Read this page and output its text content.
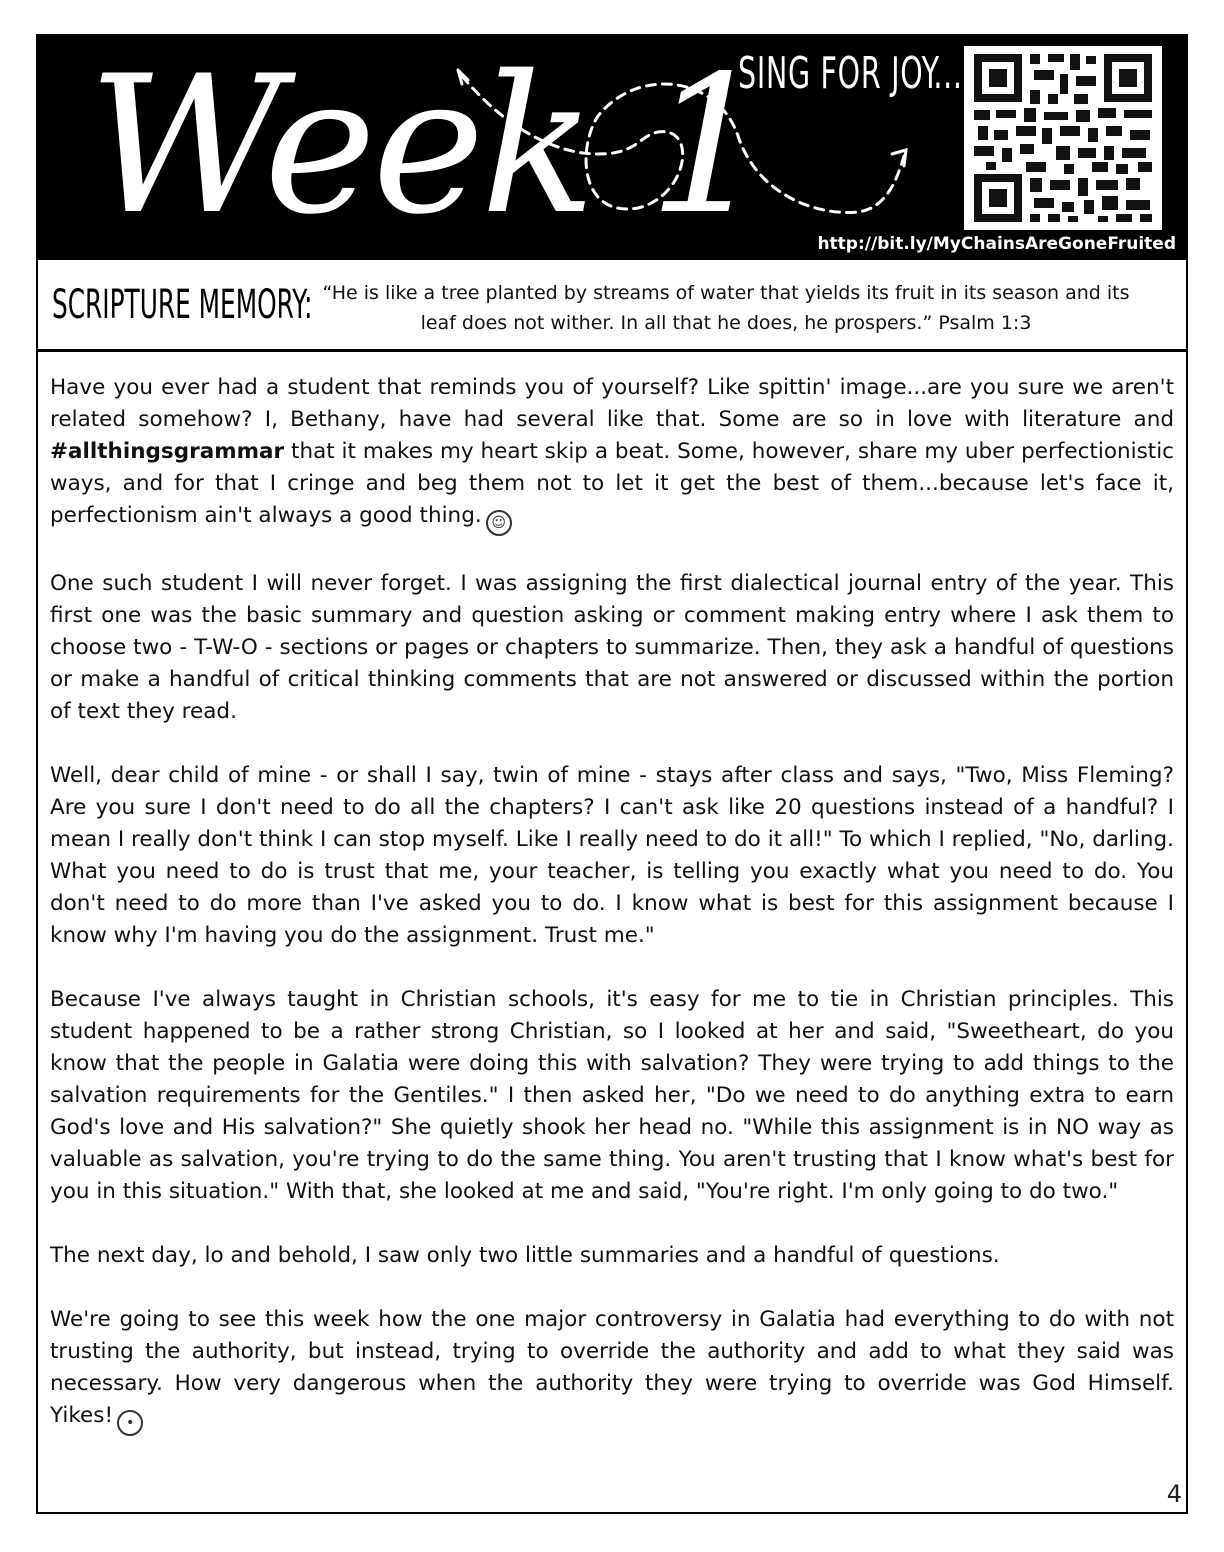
Week 1
SING FOR JOY...
http://bit.ly/MyChainsAreGoneFruited
SCRIPTURE MEMORY: “He is like a tree planted by streams of water that yields its fruit in its season and its
leaf does not wither. In all that he does, he prospers.” Psalm 1:3

Have you ever had a student that reminds you of yourself? Like spittin' image...are you sure we aren't related somehow? I, Bethany, have had several like that. Some are so in love with literature and #allthingsgrammar that it makes my heart skip a beat. Some, however, share my uber perfectionistic ways, and for that I cringe and beg them not to let it get the best of them...because let's face it, perfectionism ain't always a good thing. ☺

One such student I will never forget. I was assigning the first dialectical journal entry of the year. This first one was the basic summary and question asking or comment making entry where I ask them to choose two - T-W-O - sections or pages or chapters to summarize. Then, they ask a handful of questions or make a handful of critical thinking comments that are not answered or discussed within the portion of text they read.

Well, dear child of mine - or shall I say, twin of mine - stays after class and says, "Two, Miss Fleming? Are you sure I don't need to do all the chapters? I can't ask like 20 questions instead of a handful? I mean I really don't think I can stop myself. Like I really need to do it all!" To which I replied, "No, darling. What you need to do is trust that me, your teacher, is telling you exactly what you need to do. You don't need to do more than I've asked you to do. I know what is best for this assignment because I know why I'm having you do the assignment. Trust me."

Because I've always taught in Christian schools, it's easy for me to tie in Christian principles. This student happened to be a rather strong Christian, so I looked at her and said, "Sweetheart, do you know that the people in Galatia were doing this with salvation? They were trying to add things to the salvation requirements for the Gentiles." I then asked her, "Do we need to do anything extra to earn God's love and His salvation?" She quietly shook her head no. "While this assignment is in NO way as valuable as salvation, you're trying to do the same thing. You aren't trusting that I know what's best for you in this situation." With that, she looked at me and said, "You're right. I'm only going to do two."

The next day, lo and behold, I saw only two little summaries and a handful of questions.

We're going to see this week how the one major controversy in Galatia had everything to do with not trusting the authority, but instead, trying to override the authority and add to what they said was necessary. How very dangerous when the authority they were trying to override was God Himself. Yikes! •

4
